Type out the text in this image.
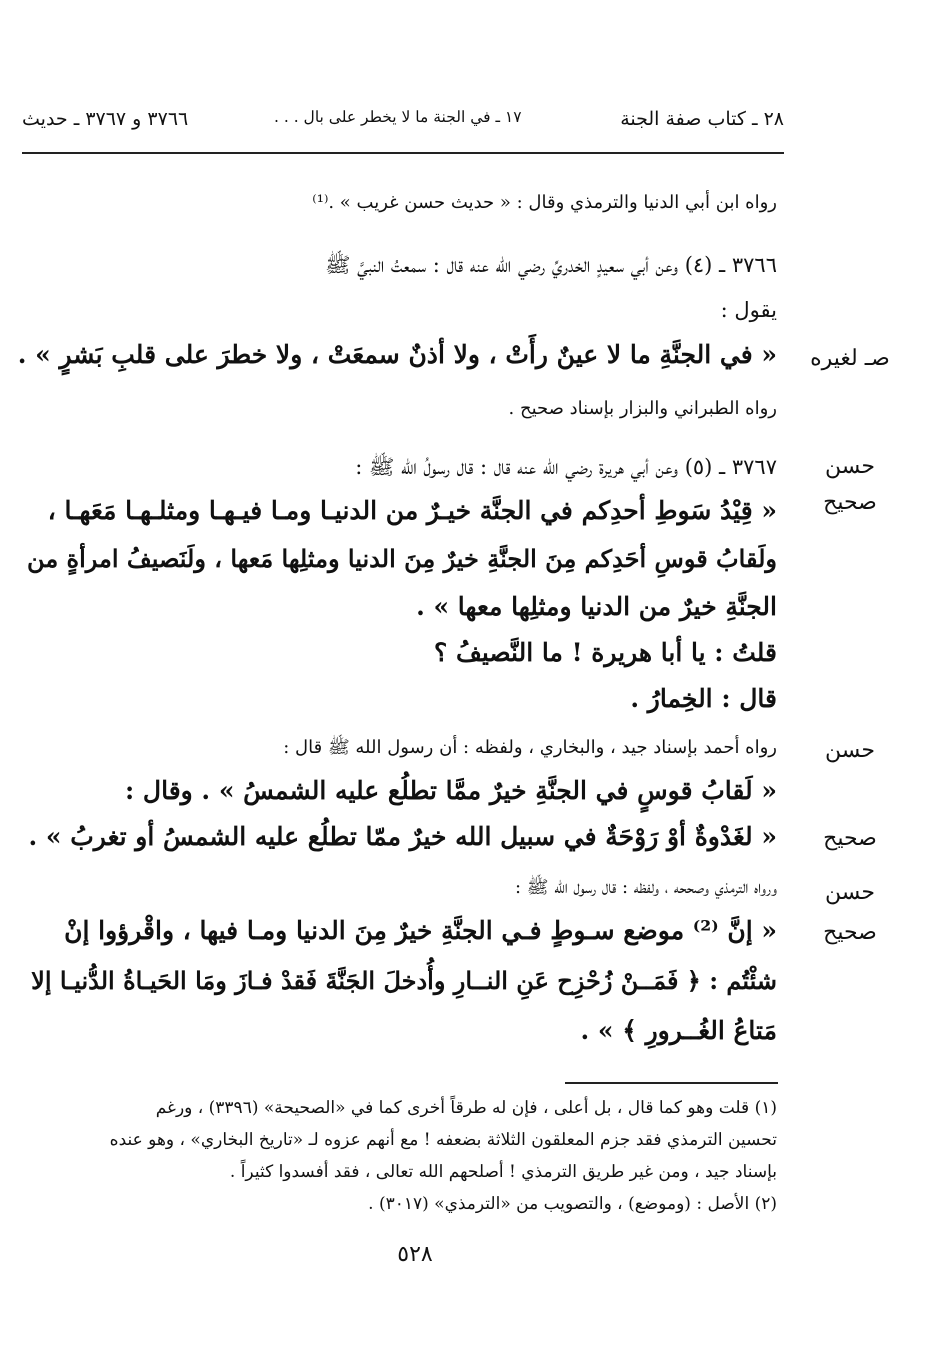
٢٨ ـ كتاب صفة الجنة
١٧ ـ في الجنة ما لا يخطر على بال . . .
٣٧٦٦ و ٣٧٦٧ ـ حديث
رواه ابن أبي الدنيا والترمذي وقال : « حديث حسن غريب » .⁽¹⁾
٣٧٦٦ ـ (٤) وعن أبي سعيدٍ الخدريِّ رضي الله عنه قال : سمعتُ النبيَّ ﷺ
يقول :
« في الجنَّةِ ما لا عينٌ رأَتْ ، ولا أذنٌ سمعَتْ ، ولا خطرَ على قلبِ بَشرٍ » .
رواه الطبراني والبزار بإسناد صحيح .
٣٧٦٧ ـ (٥) وعن أبي هريرة رضي الله عنه قال : قال رسولُ الله ﷺ :
« قِيْدُ سَوطِ أحدِكم في الجنَّة خيـرٌ من الدنيـا ومـا فيـهـا ومثلـهـا مَعَهـا ،
ولَقابُ قوسِ أحَدِكم مِنَ الجنَّةِ خيرٌ مِنَ الدنيا ومثلِها مَعها ، ولَنَصيفُ امرأةٍ من
الجنَّةِ خيرٌ من الدنيا ومثلِها معها » .
قلتُ : يا أبا هريرة ! ما النَّصيفُ ؟
قال : الخِمارُ .
رواه أحمد بإسناد جيد ، والبخاري ، ولفظه : أن رسول الله ﷺ قال :
« لَقابُ قوسٍ في الجنَّةِ خيرٌ ممَّا تطلُع عليه الشمسُ » . وقال :
« لغَدْوةٌ أوْ رَوْحَةٌ في سبيل الله خيرٌ ممّا تطلُع عليه الشمسُ أو تغربُ » .
ورواه الترمذي وصححه ، ولفظه : قال رسول الله ﷺ :
« إنَّ ⁽²⁾ موضع سـوطٍ فـي الجنَّةِ خيرٌ مِنَ الدنيا ومـا فيها ، واقْرؤوا إنْ
شئْتُم : ﴿ فَمَــنْ زُحْزِح عَنِ النــارِ وأُدخلَ الجَنَّةَ فَقدْ فـازَ ومَا الحَيـاةُ الدُّنيـا إلا
مَتاعُ الغُــرورِ ﴾ » .
صـ لغيره
حسن
صحيح
حسن
صحيح
حسن
صحيح
(١) قلت وهو كما قال ، بل أعلى ، فإن له طرقاً أخرى كما في «الصحيحة» (٣٣٩٦) ، ورغم
تحسين الترمذي فقد جزم المعلقون الثلاثة بضعفه ! مع أنهم عزوه لـ «تاريخ البخاري» ، وهو عنده
بإسناد جيد ، ومن غير طريق الترمذي ! أصلحهم الله تعالى ، فقد أفسدوا كثيراً .
(٢) الأصل : (وموضع) ، والتصويب من «الترمذي» (٣٠١٧) .
٥٢٨
